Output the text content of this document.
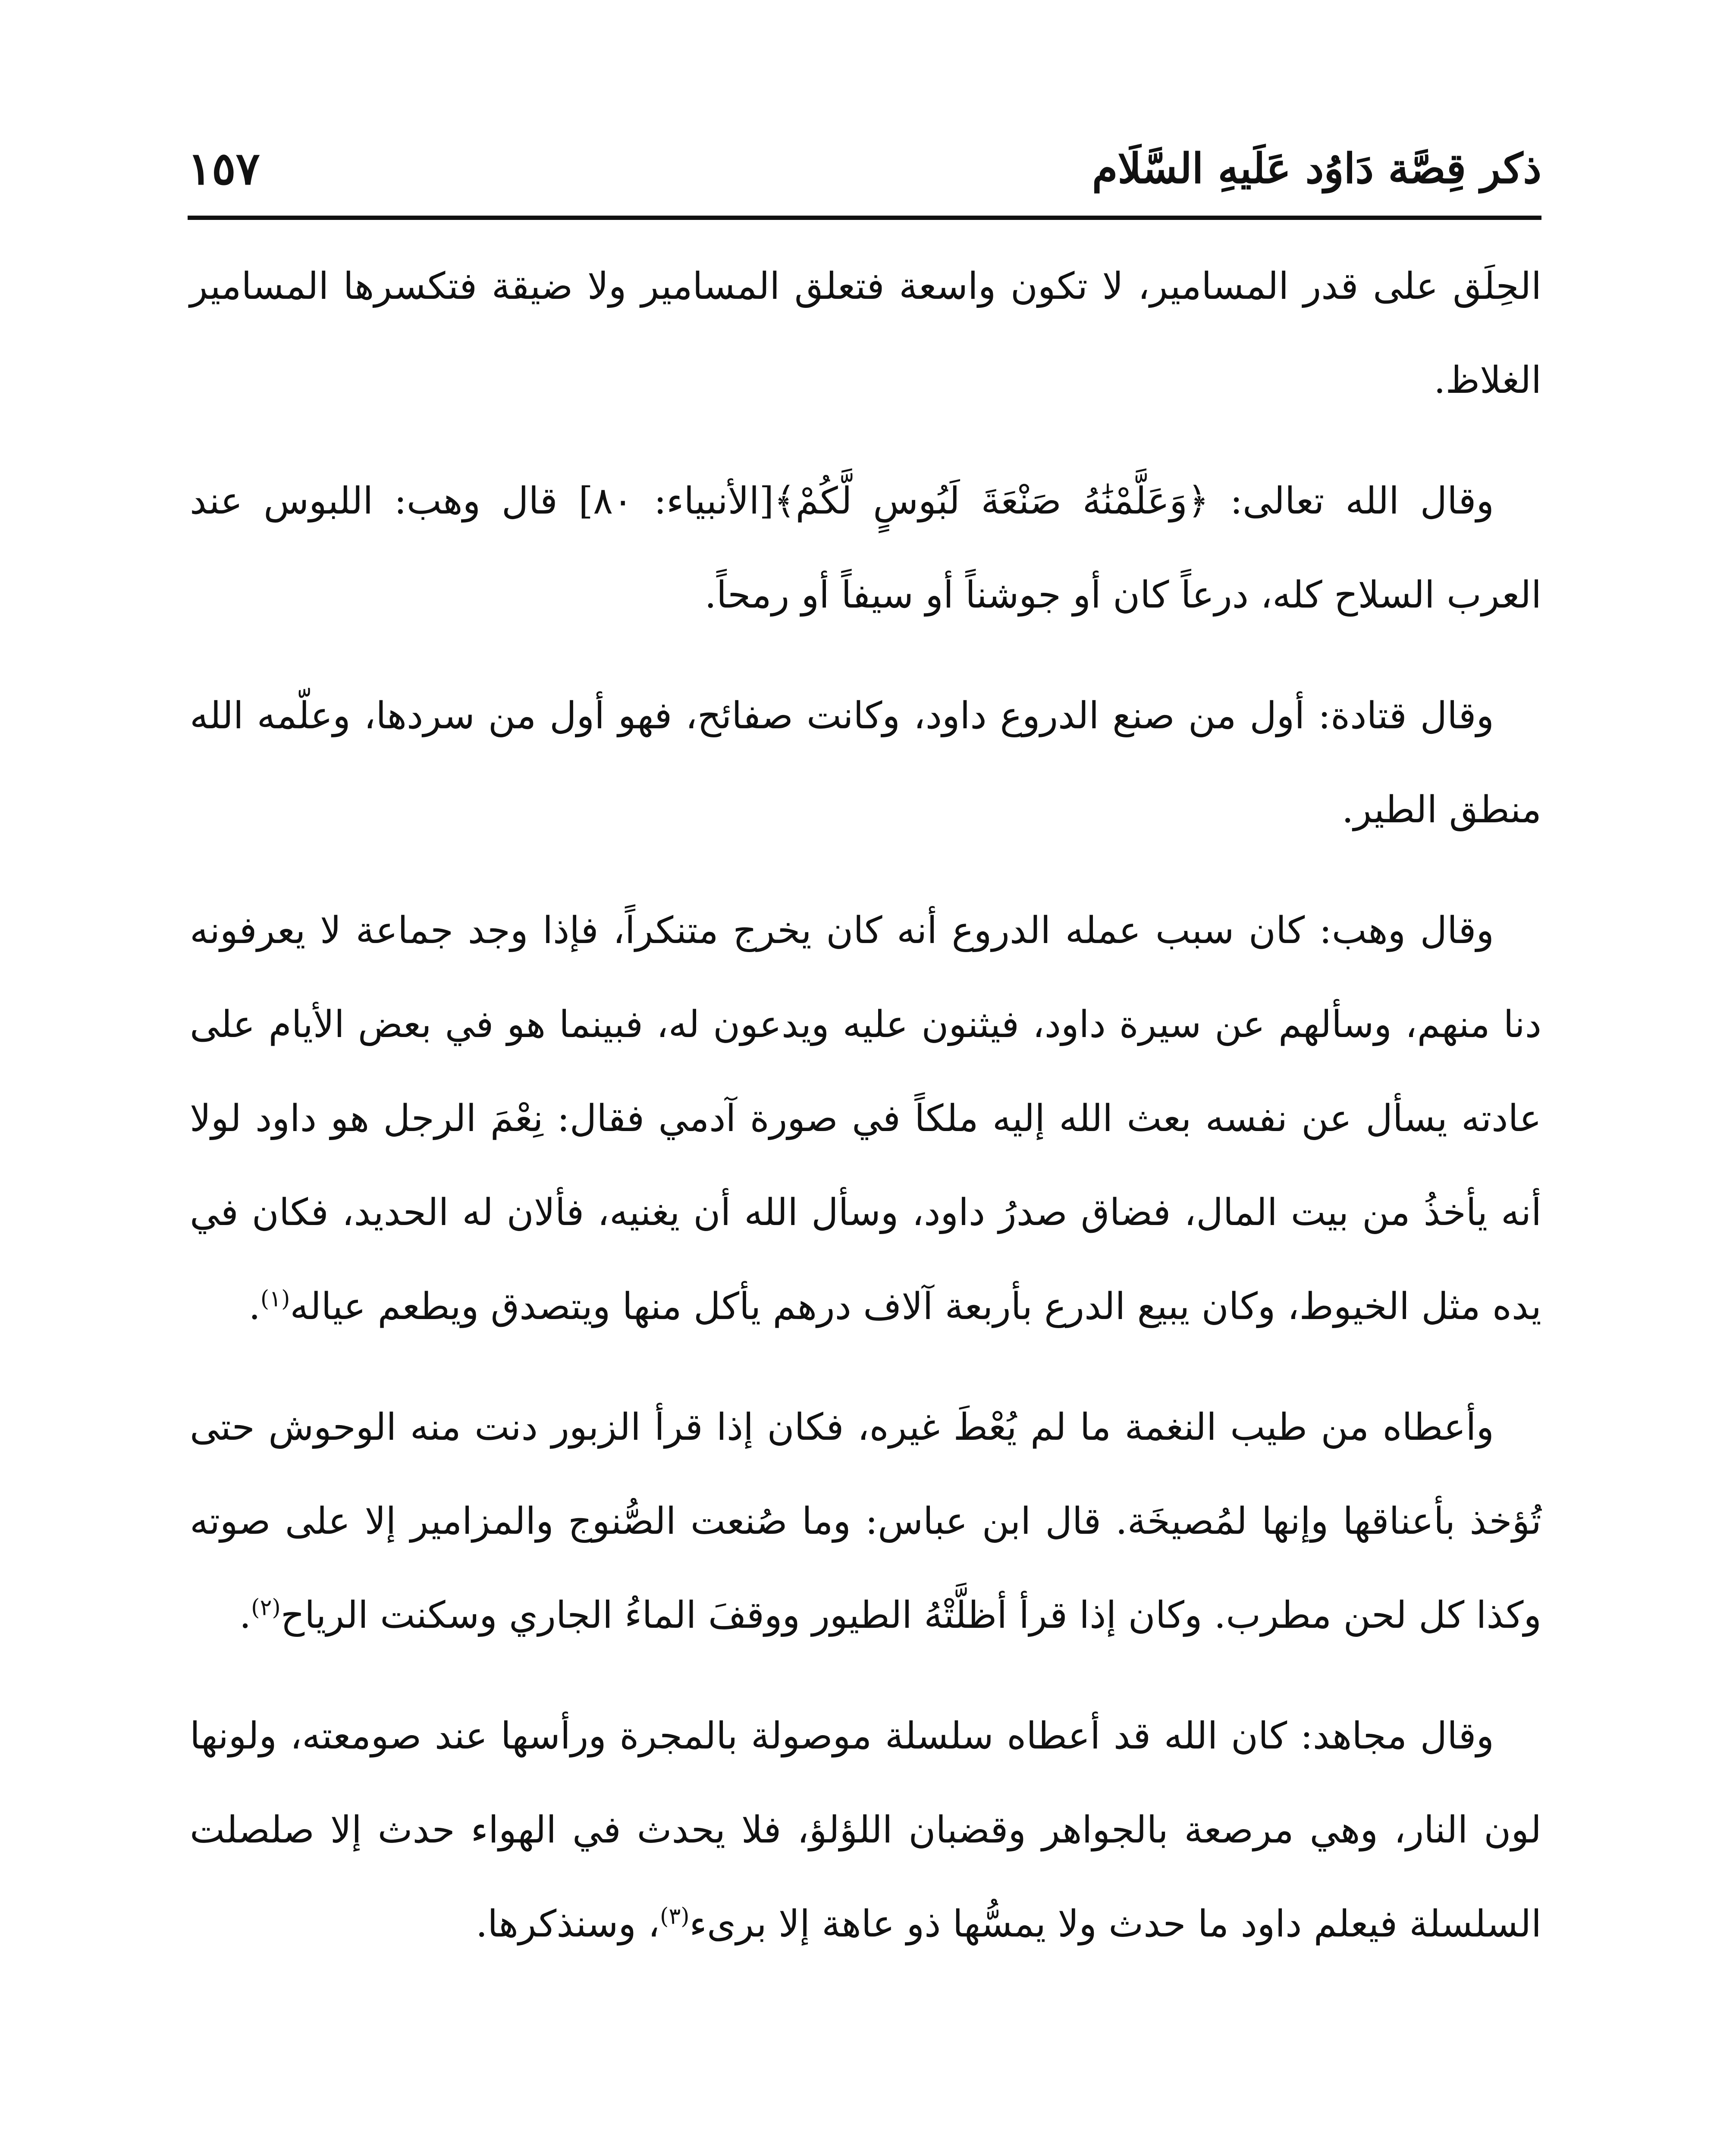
ذكر قِصَّة دَاوُد عَلَيهِ السَّلَام
١٥٧

الحِلَق على قدر المسامير، لا تكون واسعة فتعلق المسامير ولا ضيقة فتكسرها المسامير الغلاظ.

وقال الله تعالى: ﴿وَعَلَّمْنَٰهُ صَنْعَةَ لَبُوسٍ لَّكُمْ﴾[الأنبياء: ٨٠] قال وهب: اللبوس عند العرب السلاح كله، درعاً كان أو جوشناً أو سيفاً أو رمحاً.

وقال قتادة: أول من صنع الدروع داود، وكانت صفائح، فهو أول من سردها، وعلّمه الله منطق الطير.

وقال وهب: كان سبب عمله الدروع أنه كان يخرج متنكراً، فإذا وجد جماعة لا يعرفونه دنا منهم، وسألهم عن سيرة داود، فيثنون عليه ويدعون له، فبينما هو في بعض الأيام على عادته يسأل عن نفسه بعث الله إليه ملكاً في صورة آدمي فقال: نِعْمَ الرجل هو داود لولا أنه يأخذُ من بيت المال، فضاق صدرُ داود، وسأل الله أن يغنيه، فألان له الحديد، فكان في يده مثل الخيوط، وكان يبيع الدرع بأربعة آلاف درهم يأكل منها ويتصدق ويطعم عياله$^{(١)}$.

وأعطاه من طيب النغمة ما لم يُعْطَ غيره، فكان إذا قرأ الزبور دنت منه الوحوش حتى تُؤخذ بأعناقها وإنها لمُصيخَة. قال ابن عباس: وما صُنعت الصُّنوج والمزامير إلا على صوته وكذا كل لحن مطرب. وكان إذا قرأ أظلَّتْهُ الطيور ووقفَ الماءُ الجاري وسكنت الرياح$^{(٢)}$.

وقال مجاهد: كان الله قد أعطاه سلسلة موصولة بالمجرة ورأسها عند صومعته، ولونها لون النار، وهي مرصعة بالجواهر وقضبان اللؤلؤ، فلا يحدث في الهواء حدث إلا صلصلت السلسلة فيعلم داود ما حدث ولا يمسُّها ذو عاهة إلا برىء$^{(٣)}$، وسنذكرها.
